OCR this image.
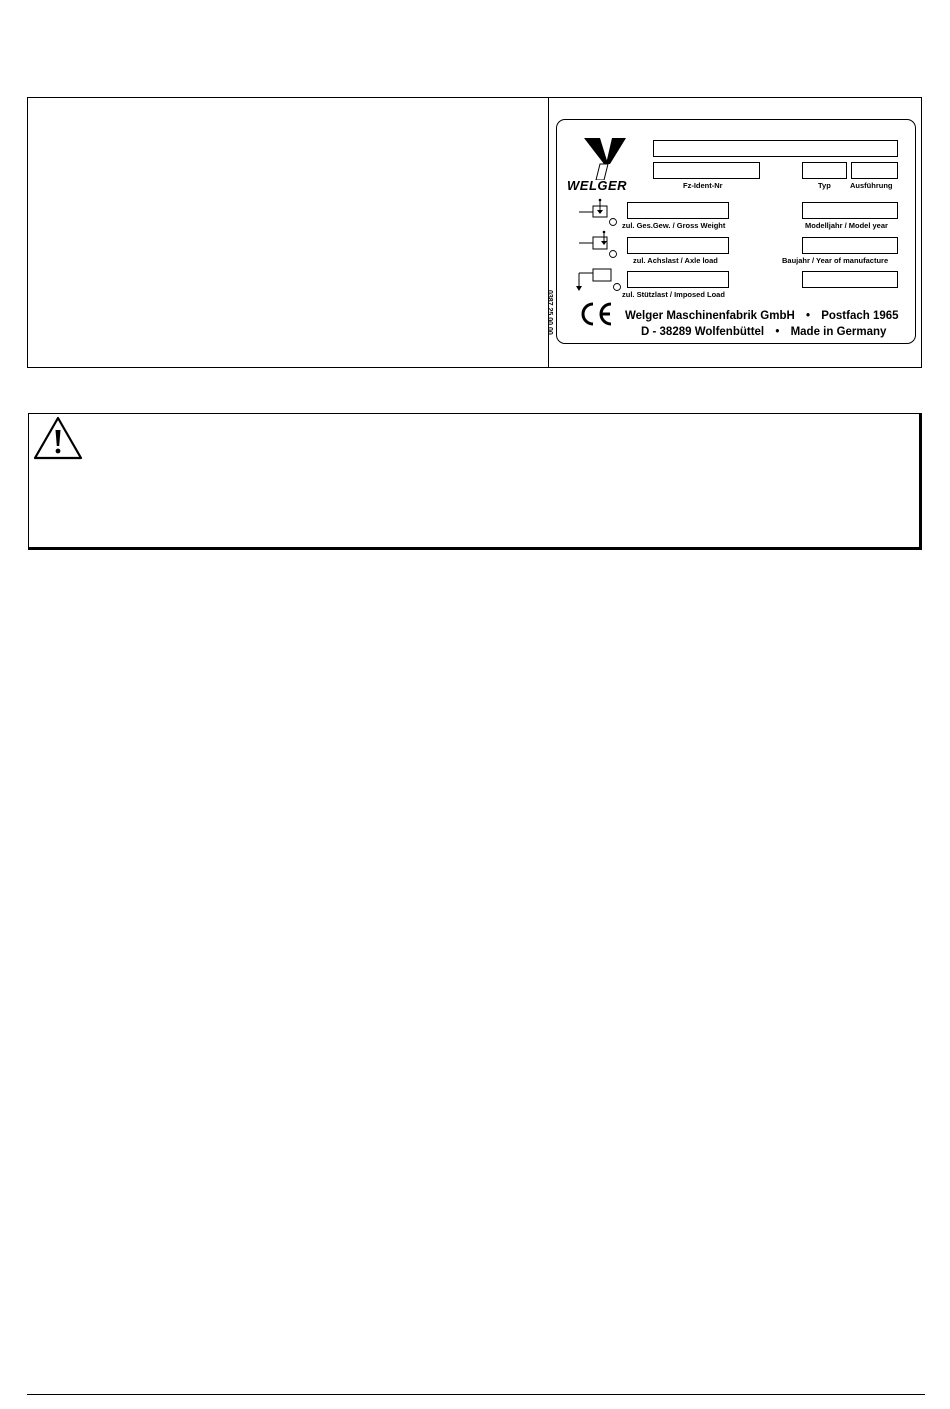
WELGER	Fz-Ident-Nr	Typ	Ausführung
zul. Ges.Gew. / Gross Weight	Modelljahr / Model year
zul. Achslast / Axle load	Baujahr / Year of manufacture
zul. Stützlast / Imposed Load
0387.25.00.00	Welger Maschinenfabrik GmbH • Postfach 1965
D - 38289 Wolfenbüttel • Made in Germany
